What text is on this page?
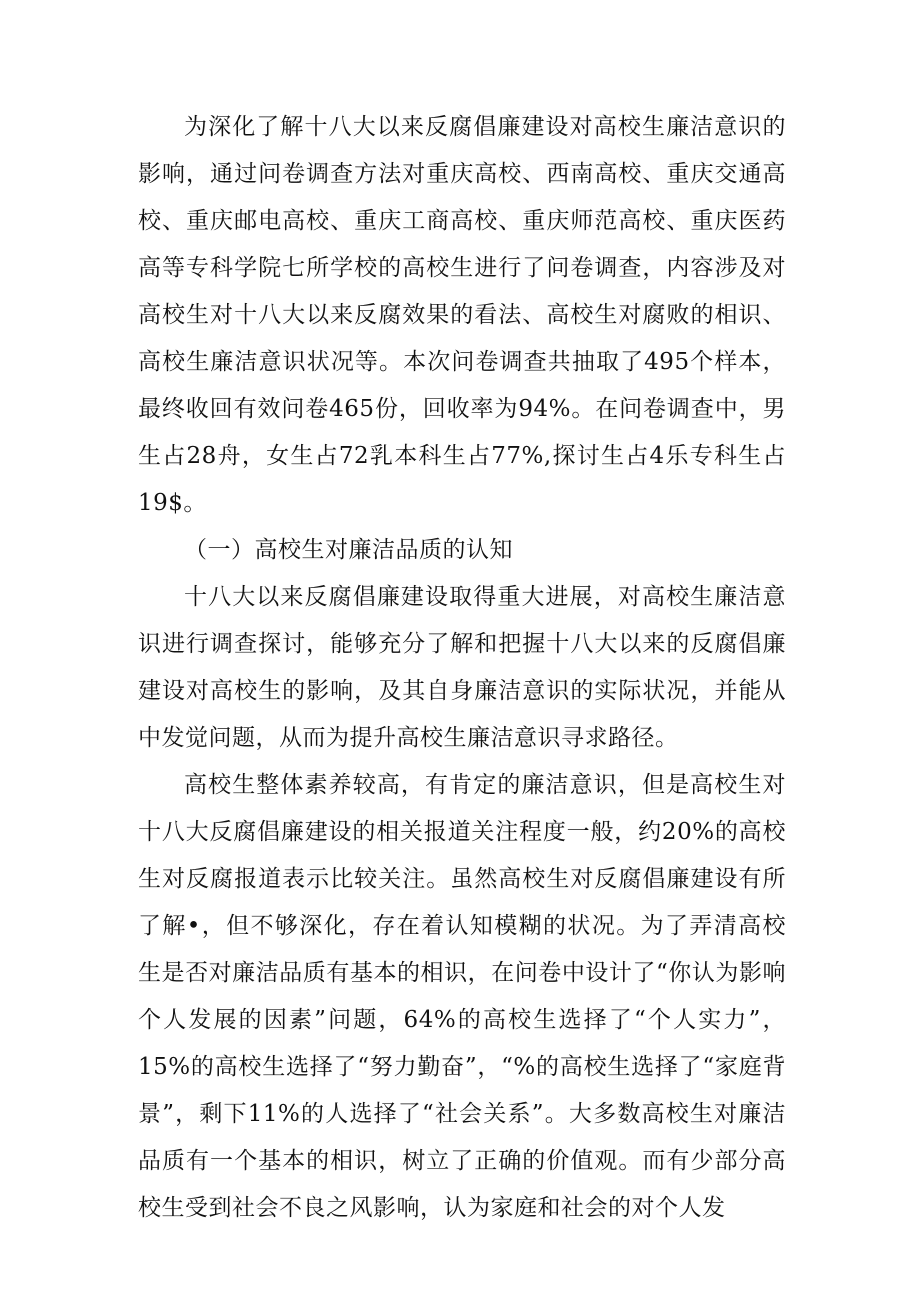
为深化了解十八大以来反腐倡廉建设对高校生廉洁意识的影响，通过问卷调查方法对重庆高校、西南高校、重庆交通高校、重庆邮电高校、重庆工商高校、重庆师范高校、重庆医药高等专科学院七所学校的高校生进行了问卷调查，内容涉及对高校生对十八大以来反腐效果的看法、高校生对腐败的相识、高校生廉洁意识状况等。本次问卷调查共抽取了495个样本，最终收回有效问卷465份，回收率为94%。在问卷调查中，男生占28舟，女生占72乳本科生占77%,探讨生占4乐专科生占19$。

（一）高校生对廉洁品质的认知

十八大以来反腐倡廉建设取得重大进展，对高校生廉洁意识进行调查探讨，能够充分了解和把握十八大以来的反腐倡廉建设对高校生的影响，及其自身廉洁意识的实际状况，并能从中发觉问题，从而为提升高校生廉洁意识寻求路径。

高校生整体素养较高，有肯定的廉洁意识，但是高校生对十八大反腐倡廉建设的相关报道关注程度一般，约20%的高校生对反腐报道表示比较关注。虽然高校生对反腐倡廉建设有所了解•，但不够深化，存在着认知模糊的状况。为了弄清高校生是否对廉洁品质有基本的相识，在问卷中设计了“你认为影响个人发展的因素”问题，64%的高校生选择了“个人实力”，15%的高校生选择了“努力勤奋”，“%的高校生选择了“家庭背景”，剩下11%的人选择了“社会关系”。大多数高校生对廉洁品质有一个基本的相识，树立了正确的价值观。而有少部分高校生受到社会不良之风影响，认为家庭和社会的对个人发
